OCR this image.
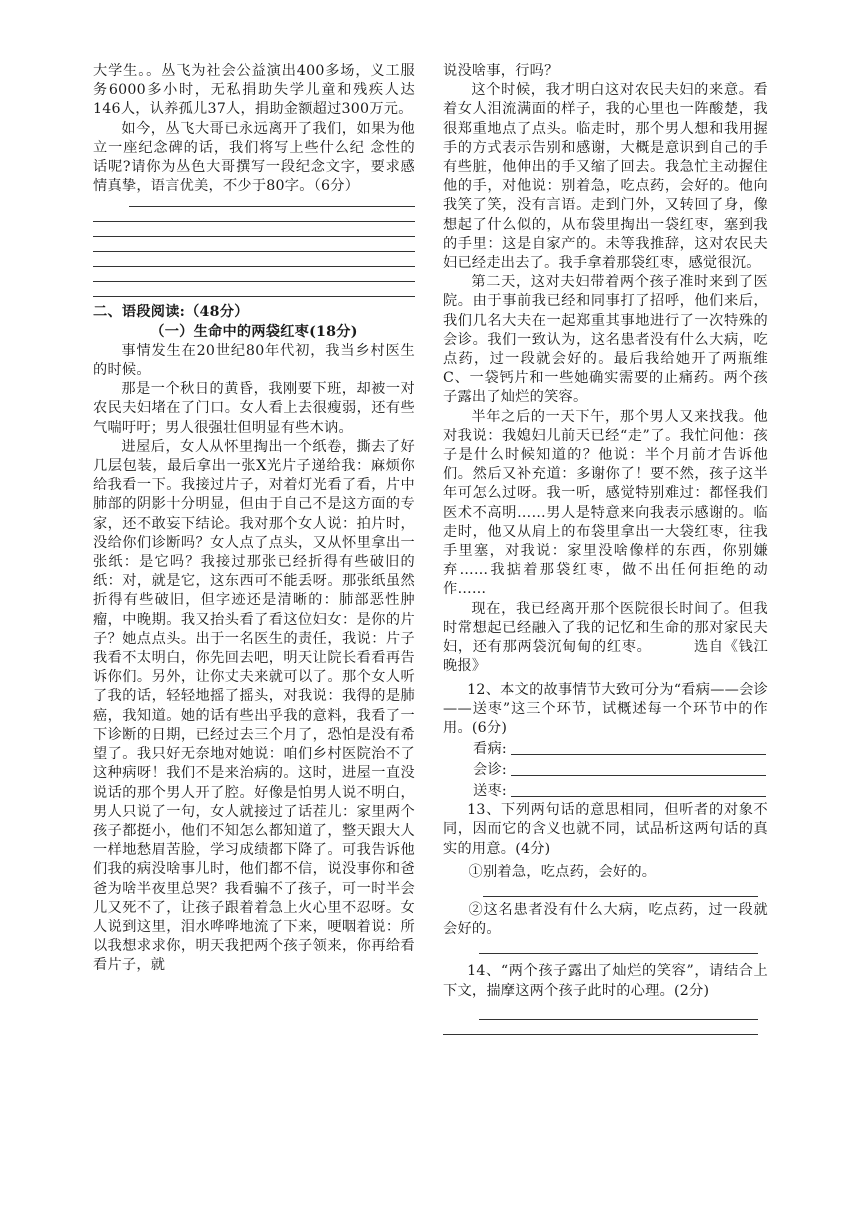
大学生。。丛飞为社会公益演出400多场，义工服务6000多小时，无私捐助失学儿童和残疾人达146人，认养孤儿37人，捐助金额超过300万元。

如今，丛飞大哥已永远离开了我们，如果为他立一座纪念碑的话，我们将写上些什么纪 念性的话呢?请你为丛色大哥撰写一段纪念文字，要求感情真挚，语言优美，不少于80字。（6分）

二、语段阅读:（48分）

（一）生命中的两袋红枣(18分)

事情发生在20世纪80年代初，我当乡村医生的时候。

那是一个秋日的黄昏，我刚要下班，却被一对农民夫妇堵在了门口。女人看上去很瘦弱，还有些气喘吁吁；男人很强壮但明显有些木讷。

进屋后，女人从怀里掏出一个纸卷，撕去了好几层包装，最后拿出一张X光片子递给我：麻烦你给我看一下。我接过片子，对着灯光看了看，片中肺部的阴影十分明显，但由于自己不是这方面的专家，还不敢妄下结论。我对那个女人说：拍片时，没给你们诊断吗？女人点了点头，又从怀里拿出一张纸：是它吗？我接过那张已经折得有些破旧的纸：对，就是它，这东西可不能丢呀。那张纸虽然折得有些破旧，但字迹还是清晰的：肺部恶性肿瘤，中晚期。我又抬头看了看这位妇女：是你的片子？她点点头。出于一名医生的责任，我说：片子我看不太明白，你先回去吧，明天让院长看看再告诉你们。另外，让你丈夫来就可以了。那个女人听了我的话，轻轻地摇了摇头，对我说：我得的是肺癌，我知道。她的话有些出乎我的意料，我看了一下诊断的日期，已经过去三个月了，恐怕是没有希望了。我只好无奈地对她说：咱们乡村医院治不了这种病呀！我们不是来治病的。这时，进屋一直没说话的那个男人开了腔。好像是怕男人说不明白，男人只说了一句，女人就接过了话茬儿：家里两个孩子都挺小，他们不知怎么都知道了，整天跟大人一样地愁眉苦脸，学习成绩都下降了。可我告诉他们我的病没啥事儿时，他们都不信，说没事你和爸爸为啥半夜里总哭？我看骗不了孩子，可一时半会儿又死不了，让孩子跟着着急上火心里不忍呀。女人说到这里，泪水哗哗地流了下来，哽咽着说：所以我想求求你，明天我把两个孩子领来，你再给看看片子，就

说没啥事，行吗？

这个时候，我才明白这对农民夫妇的来意。看着女人泪流满面的样子，我的心里也一阵酸楚，我很郑重地点了点头。临走时，那个男人想和我用握手的方式表示告别和感谢，大概是意识到自己的手有些脏，他伸出的手又缩了回去。我急忙主动握住他的手，对他说：别着急，吃点药，会好的。他向我笑了笑，没有言语。走到门外，又转回了身，像想起了什么似的，从布袋里掏出一袋红枣，塞到我的手里：这是自家产的。未等我推辞，这对农民夫妇已经走出去了。我手拿着那袋红枣，感觉很沉。

第二天，这对夫妇带着两个孩子准时来到了医院。由于事前我已经和同事打了招呼，他们来后，我们几名大夫在一起郑重其事地进行了一次特殊的会诊。我们一致认为，这名患者没有什么大病，吃点药，过一段就会好的。最后我给她开了两瓶维C、一袋钙片和一些她确实需要的止痛药。两个孩子露出了灿烂的笑容。

半年之后的一天下午，那个男人又来找我。他对我说：我媳妇儿前天已经“走”了。我忙问他：孩子是什么时候知道的？他说：半个月前才告诉他们。然后又补充道：多谢你了！要不然，孩子这半年可怎么过呀。我一听，感觉特别难过：都怪我们医术不高明……男人是特意来向我表示感谢的。临走时，他又从肩上的布袋里拿出一大袋红枣，往我手里塞，对我说：家里没啥像样的东西，你别嫌弃……我掂着那袋红枣，做不出任何拒绝的动作……

现在，我已经离开那个医院很长时间了。但我时常想起已经融入了我的记忆和生命的那对家民夫妇，还有那两袋沉甸甸的红枣。	选自《钱江晚报》

12、本文的故事情节大致可分为“看病——会诊——送枣”这三个环节，试概述每一个环节中的作用。(6分)

看病:
会诊:
送枣:

13、下列两句话的意思相同，但听者的对象不同，因而它的含义也就不同，试品析这两句话的真实的用意。(4分)

①别着急，吃点药，会好的。

②这名患者没有什么大病，吃点药，过一段就会好的。

14、“两个孩子露出了灿烂的笑容”，请结合上下文，揣摩这两个孩子此时的心理。(2分)
